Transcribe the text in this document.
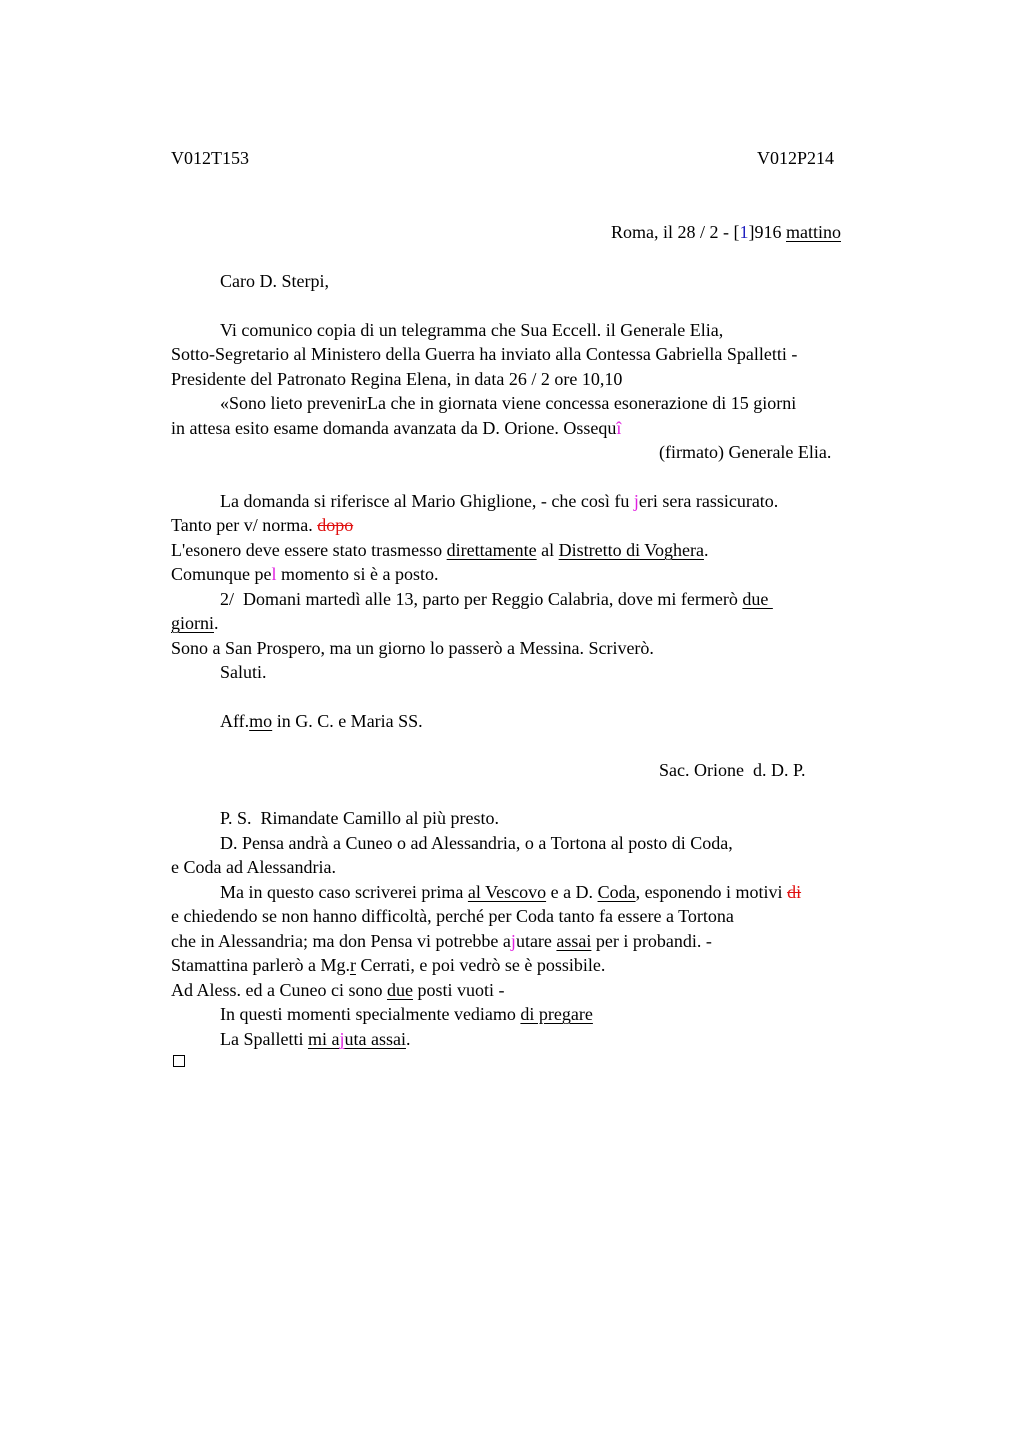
V012T153	V012P214
Roma, il 28 / 2 - [1]916 mattino
Caro D. Sterpi,
Vi comunico copia di un telegramma che Sua Eccell. il Generale Elia,
Sotto-Segretario al Ministero della Guerra ha inviato alla Contessa Gabriella Spalletti -
Presidente del Patronato Regina Elena, in data 26 / 2 ore 10,10
«Sono lieto prevenirLa che in giornata viene concessa esonerazione di 15 giorni
in attesa esito esame domanda avanzata da D. Orione. Ossequî
(firmato) Generale Elia.
La domanda si riferisce al Mario Ghiglione, - che così fu jeri sera rassicurato.
Tanto per v/ norma. dopo
L'esonero deve essere stato trasmesso direttamente al Distretto di Voghera.
Comunque pel momento si è a posto.
2/  Domani martedì alle 13, parto per Reggio Calabria, dove mi fermerò due
giorni.
Sono a San Prospero, ma un giorno lo passerò a Messina. Scriverò.
Saluti.
Aff.mo in G. C. e Maria SS.
Sac. Orione  d. D. P.
P. S.  Rimandate Camillo al più presto.
D. Pensa andrà a Cuneo o ad Alessandria, o a Tortona al posto di Coda,
e Coda ad Alessandria.
Ma in questo caso scriverei prima al Vescovo e a D. Coda, esponendo i motivi di
e chiedendo se non hanno difficoltà, perché per Coda tanto fa essere a Tortona
che in Alessandria; ma don Pensa vi potrebbe ajutare assai per i probandi. -
Stamattina parlerò a Mg.r Cerrati, e poi vedrò se è possibile.
Ad Aless. ed a Cuneo ci sono due posti vuoti -
In questi momenti specialmente vediamo di pregare
La Spalletti mi ajuta assai.
